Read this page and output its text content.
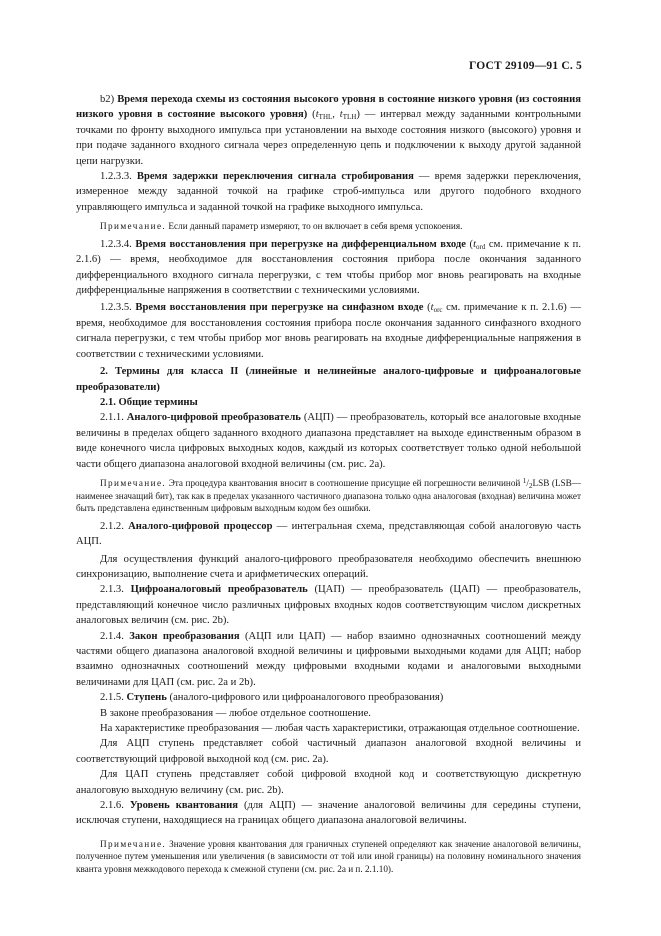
ГОСТ 29109—91 С. 5

b2) Время перехода схемы из состояния высокого уровня в состояние низкого уровня (из состояния низкого уровня в состояние высокого уровня) ($t_{THL}$, $t_{TLH}$) — интервал между заданными контрольными точками по фронту выходного импульса при установлении на выходе состояния низкого (высокого) уровня и при подаче заданного входного сигнала через определенную цепь и подключении к выходу другой заданной цепи нагрузки.

1.2.3.3. Время задержки переключения сигнала стробирования — время задержки переключения, измеренное между заданной точкой на графике строб-импульса или другого подобного входного управляющего импульса и заданной точкой на графике выходного импульса.

Примечание. Если данный параметр измеряют, то он включает в себя время успокоения.

1.2.3.4. Время восстановления при перегрузке на дифференциальном входе ($t_{ord}$ см. примечание к п. 2.1.6) — время, необходимое для восстановления состояния прибора после окончания заданного дифференциального входного сигнала перегрузки, с тем чтобы прибор мог вновь реагировать на входные дифференциальные напряжения в соответствии с техническими условиями.

1.2.3.5. Время восстановления при перегрузке на синфазном входе ($t_{orc}$ см. примечание к п. 2.1.6) — время, необходимое для восстановления состояния прибора после окончания заданного синфазного входного сигнала перегрузки, с тем чтобы прибор мог вновь реагировать на входные дифференциальные напряжения в соответствии с техническими условиями.

2. Термины для класса II (линейные и нелинейные аналого-цифровые и цифроаналоговые преобразователи)

2.1. Общие термины

2.1.1. Аналого-цифровой преобразователь (АЦП) — преобразователь, который все аналоговые входные величины в пределах общего заданного входного диапазона представляет на выходе единственным образом в виде конечного числа цифровых выходных кодов, каждый из которых соответствует только одной небольшой части общего диапазона аналоговой входной величины (см. рис. 2а).

Примечание. Эта процедура квантования вносит в соотношение присущие ей погрешности величиной $^1/_2LSB$ (LSB— наименее значащий бит), так как в пределах указанного частичного диапазона только одна аналоговая (входная) величина может быть представлена единственным цифровым выходным кодом без ошибки.

2.1.2. Аналого-цифровой процессор — интегральная схема, представляющая собой аналоговую часть АЦП.

Для осуществления функций аналого-цифрового преобразователя необходимо обеспечить внешнюю синхронизацию, выполнение счета и арифметических операций.

2.1.3. Цифроаналоговый преобразователь (ЦАП) — преобразователь (ЦАП) — преобразователь, представляющий конечное число различных цифровых входных кодов соответствующим числом дискретных аналоговых величин (см. рис. 2b).

2.1.4. Закон преобразования (АЦП или ЦАП) — набор взаимно однозначных соотношений между частями общего диапазона аналоговой входной величины и цифровыми выходными кодами для АЦП; набор взаимно однозначных соотношений между цифровыми входными кодами и аналоговыми выходными величинами для ЦАП (см. рис. 2а и 2b).

2.1.5. Ступень (аналого-цифрового или цифроаналогового преобразования)

В законе преобразования — любое отдельное соотношение.

На характеристике преобразования — любая часть характеристики, отражающая отдельное соотношение.

Для АЦП ступень представляет собой частичный диапазон аналоговой входной величины и соответствующий цифровой выходной код (см. рис. 2а).

Для ЦАП ступень представляет собой цифровой входной код и соответствующую дискретную аналоговую выходную величину (см. рис. 2b).

2.1.6. Уровень квантования (для АЦП) — значение аналоговой величины для середины ступени, исключая ступени, находящиеся на границах общего диапазона аналоговой величины.

Примечание. Значение уровня квантования для граничных ступеней определяют как значение аналоговой величины, полученное путем уменьшения или увеличения (в зависимости от той или иной границы) на половину номинального значения кванта уровня межкодового перехода к смежной ступени (см. рис. 2а и п. 2.1.10).
